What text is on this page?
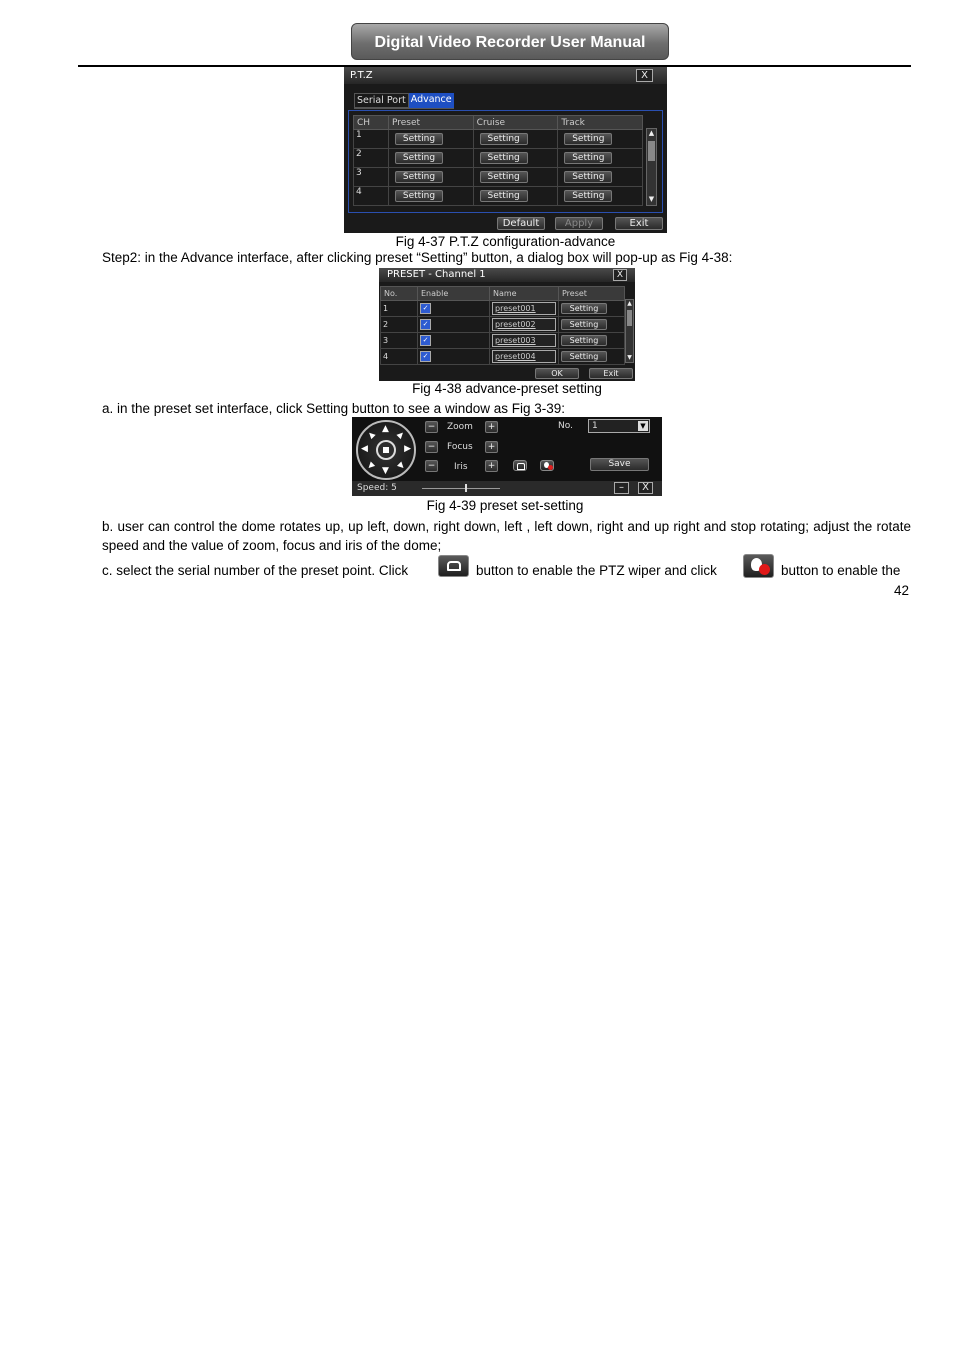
Digital Video Recorder User Manual
P.T.Z	X
Serial Port Advance
CH	Preset	Cruise	Track
1	Setting	Setting	Setting

2	Setting	Setting	Setting

3	Setting	Setting	Setting

4	Setting	Setting	Setting
▲
▼
Default	Apply	Exit
Fig 4-37 P.T.Z configuration-advance
Step2: in the Advance interface, after clicking preset “Setting” button, a dialog box will pop-up as Fig 4-38:
PRESET - Channel 1	X
No.	Enable	Name	Preset
1	✓	preset001	Setting

2	✓	preset002	Setting

3	✓	preset003	Setting

4	✓	preset004	Setting
▲
▼
OK	Exit
Fig 4-38 advance-preset setting
a. in the preset set interface, click Setting button to see a window as Fig 3-39:
▲
▼
◀	▶
▲ ▲
▼ ▼
−	Zoom	+
−	Focus	+
−	Iris	+
No. 1	▼
Save
Speed: 5	–	X
Fig 4-39 preset set-setting
b. user can control the dome rotates up, up left, down, right down, left , left down, right and up right and stop rotating; adjust the rotate speed and the value of zoom, focus and iris of the dome;
c. select the serial number of the preset point. Click	button to enable the PTZ wiper and click	button to enable the
42
